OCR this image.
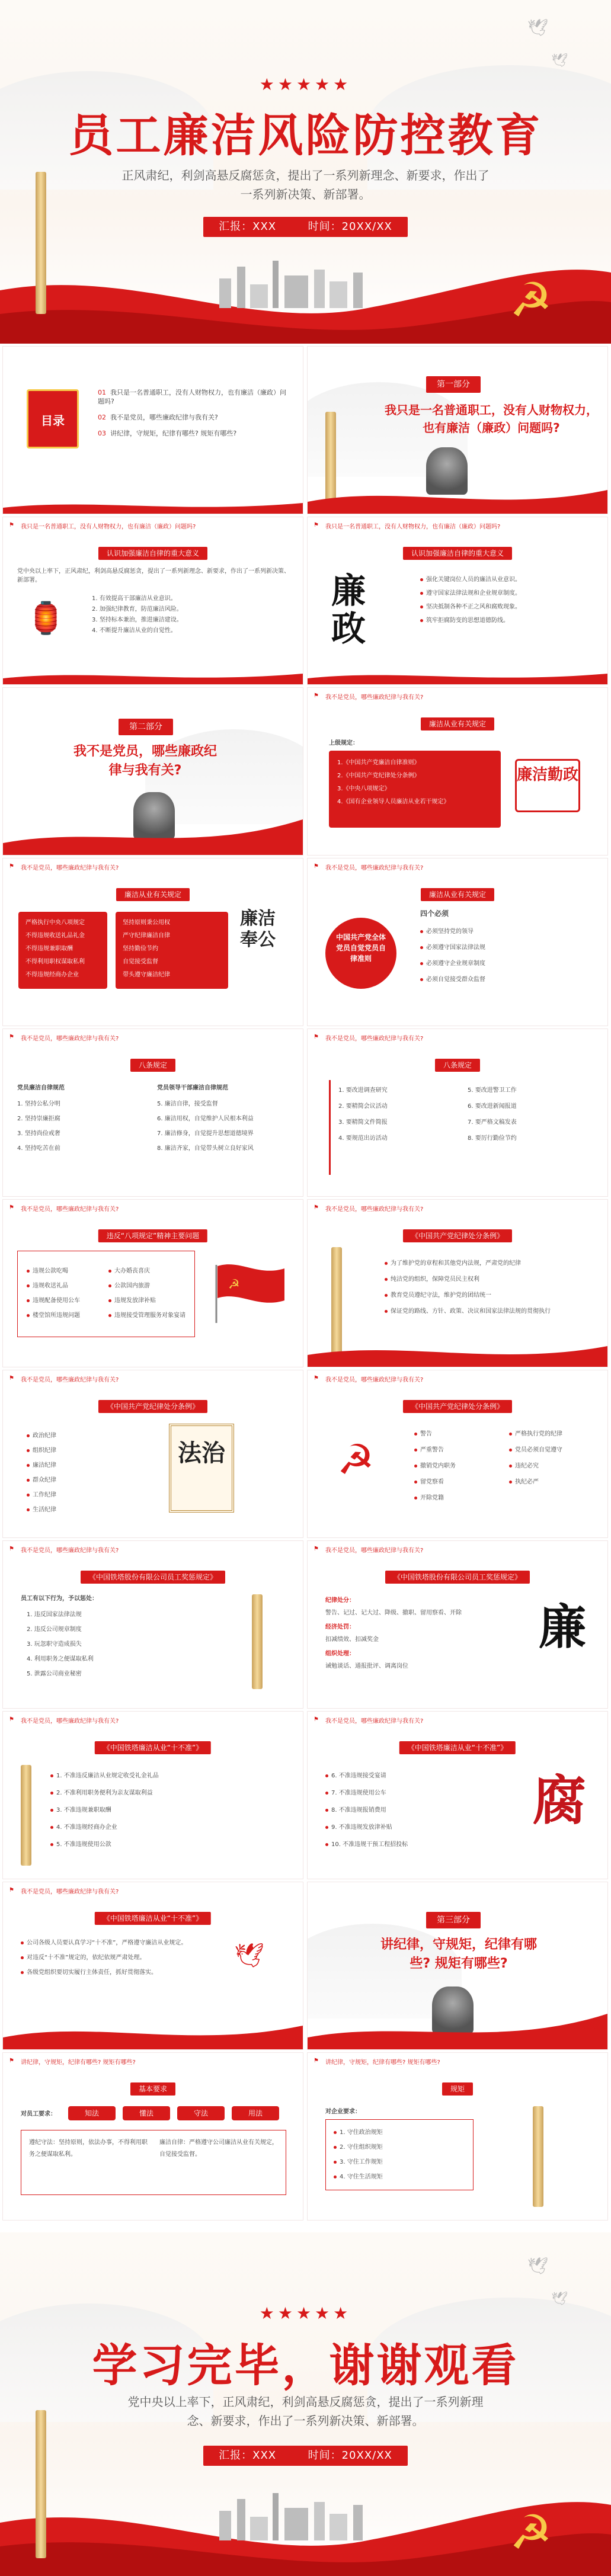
🕊
🕊
★★★★★
员工廉洁风险防控教育
正风肃纪，利剑高悬反腐惩贪，提出了一系列新理念、新要求，作出了一系列新决策、新部署。
汇报：XXX	时间：20XX/XX
☭
目录

01 我只是一名普通职工，没有人财物权力，也有廉洁（廉政）问题吗?

02 我不是党员，哪些廉政纪律与我有关?

03 讲纪律，守规矩，纪律有哪些? 规矩有哪些?

第一部分
我只是一名普通职工，没有人财物权力，也有廉洁（廉政）问题吗?
⚑ 我只是一名普通职工，没有人财物权力，也有廉洁（廉政）问题吗?
认识加强廉洁自律的重大意义
党中央以上率下，正风肃纪，利剑高悬反腐惩贪，提出了一系列新理念、新要求，作出了一系列新决策、新部署。
🏮

1. 有效提高干部廉洁从业意识。

2. 加强纪律教育，防范廉洁风险。

3. 坚持标本兼治，推进廉洁建设。

4. 不断提升廉洁从业的自觉性。

⚑ 我只是一名普通职工，没有人财物权力，也有廉洁（廉政）问题吗?
认识加强廉洁自律的重大意义
廉政

强化关键岗位人员的廉洁从业意识。

遵守国家法律法规和企业规章制度。

坚决抵制各种不正之风和腐败现象。

筑牢拒腐防变的思想道德防线。

第二部分
我不是党员，哪些廉政纪律与我有关?
⚑ 我不是党员，哪些廉政纪律与我有关?
廉洁从业有关规定
上级规定：
1.《中国共产党廉洁自律准则》
2.《中国共产党纪律处分条例》
3.《中央八项规定》
4.《国有企业领导人员廉洁从业若干规定》
廉洁勤政
⚑ 我不是党员，哪些廉政纪律与我有关?
廉洁从业有关规定
严格执行中央八项规定
不得违规收送礼品礼金
不得违规兼职取酬
不得利用职权谋取私利
不得违规经商办企业
坚持原则秉公用权
严守纪律廉洁自律
坚持勤俭节约
自觉接受监督
带头遵守廉洁纪律
廉洁奉公
⚑ 我不是党员，哪些廉政纪律与我有关?
廉洁从业有关规定
中国共产党全体党员自觉党员自律准则
四个必须

必须坚持党的领导

必须遵守国家法律法规

必须遵守企业规章制度

必须自觉接受群众监督

⚑ 我不是党员，哪些廉政纪律与我有关?
八条规定
党员廉洁自律规范

1. 坚持公私分明

2. 坚持崇廉拒腐

3. 坚持尚俭戒奢

4. 坚持吃苦在前

党员领导干部廉洁自律规范

5. 廉洁自律，接受监督

6. 廉洁用权，自觉维护人民根本利益

7. 廉洁修身，自觉提升思想道德境界

8. 廉洁齐家，自觉带头树立良好家风

⚑ 我不是党员，哪些廉政纪律与我有关?
八条规定

1. 要改进调查研究

2. 要精简会议活动

3. 要精简文件简报

4. 要规范出访活动

5. 要改进警卫工作

6. 要改进新闻报道

7. 要严格文稿发表

8. 要厉行勤俭节约

⚑ 我不是党员，哪些廉政纪律与我有关?
违反“八项规定”精神主要问题

违规公款吃喝

违规收送礼品

违规配备使用公车

楼堂馆所违规问题

大办婚丧喜庆

公款国内旅游

违规发放津补贴

违规接受管理服务对象宴请

☭
⚑ 我不是党员，哪些廉政纪律与我有关?
《中国共产党纪律处分条例》

为了维护党的章程和其他党内法规，严肃党的纪律

纯洁党的组织，保障党员民主权利

教育党员遵纪守法，维护党的团结统一

保证党的路线、方针、政策、决议和国家法律法规的贯彻执行

⚑ 我不是党员，哪些廉政纪律与我有关?
《中国共产党纪律处分条例》

政治纪律

组织纪律

廉洁纪律

群众纪律

工作纪律

生活纪律

法治
⚑ 我不是党员，哪些廉政纪律与我有关?
《中国共产党纪律处分条例》
☭

警告

严重警告

撤销党内职务

留党察看

开除党籍

严格执行党的纪律

党员必须自觉遵守

违纪必究

执纪必严

⚑ 我不是党员，哪些廉政纪律与我有关?
《中国铁塔股份有限公司员工奖惩规定》
员工有以下行为，予以惩处：

1. 违反国家法律法规

2. 违反公司规章制度

3. 玩忽职守造成损失

4. 利用职务之便谋取私利

5. 泄露公司商业秘密

⚑ 我不是党员，哪些廉政纪律与我有关?
《中国铁塔股份有限公司员工奖惩规定》

纪律处分：

警告、记过、记大过、降级、撤职、留用察看、开除

经济处罚：

扣减绩效、扣减奖金

组织处理：

诫勉谈话、通报批评、调离岗位

廉
⚑ 我不是党员，哪些廉政纪律与我有关?
《中国铁塔廉洁从业“十不准”》

1. 不准违反廉洁从业规定收受礼金礼品

2. 不准利用职务便利为亲友谋取利益

3. 不准违规兼职取酬

4. 不准违规经商办企业

5. 不准违规使用公款

⚑ 我不是党员，哪些廉政纪律与我有关?
《中国铁塔廉洁从业“十不准”》

6. 不准违规接受宴请

7. 不准违规使用公车

8. 不准违规报销费用

9. 不准违规发放津补贴

10. 不准违规干预工程招投标

腐
⚑ 我不是党员，哪些廉政纪律与我有关?
《中国铁塔廉洁从业“十不准”》

公司各级人员要认真学习“十不准”，严格遵守廉洁从业规定。

对违反“十不准”规定的，依纪依规严肃处理。

各级党组织要切实履行主体责任，抓好贯彻落实。

🕊
第三部分
讲纪律，守规矩，纪律有哪些? 规矩有哪些?
⚑ 讲纪律，守规矩，纪律有哪些? 规矩有哪些?
基本要求
对员工要求：	知法	懂法	守法	用法
遵纪守法：坚持原则，依法办事，不得利用职务之便谋取私利。
廉洁自律：严格遵守公司廉洁从业有关规定，自觉接受监督。
⚑ 讲纪律，守规矩，纪律有哪些? 规矩有哪些?
规矩
对企业要求：

1. 守住政治规矩

2. 守住组织规矩

3. 守住工作规矩

4. 守住生活规矩

🕊
🕊
★★★★★
学习完毕，谢谢观看
党中央以上率下，正风肃纪，利剑高悬反腐惩贪，提出了一系列新理念、新要求，作出了一系列新决策、新部署。
汇报：XXX	时间：20XX/XX
☭
